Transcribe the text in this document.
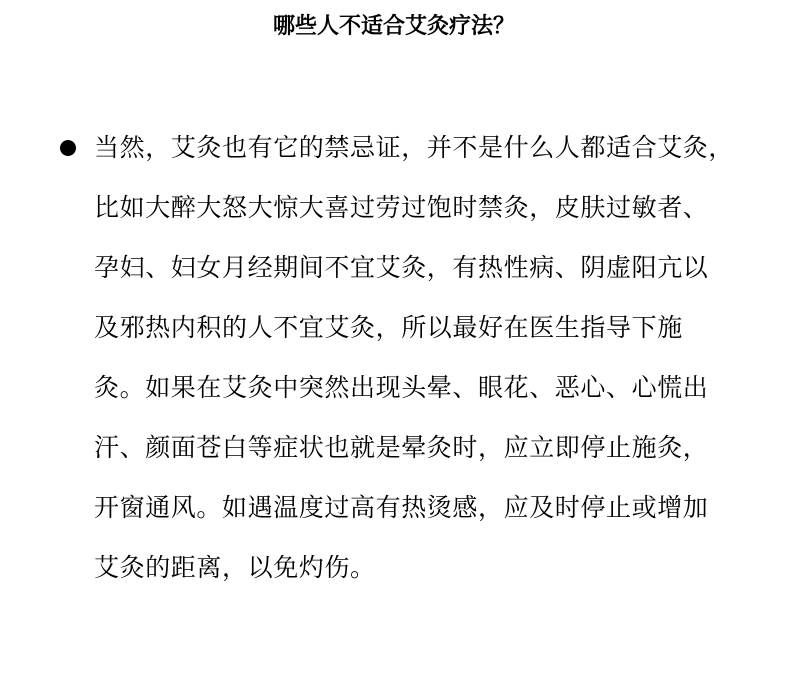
哪些人不适合艾灸疗法？
当然，艾灸也有它的禁忌证，并不是什么人都适合艾灸，
比如大醉大怒大惊大喜过劳过饱时禁灸，皮肤过敏者、
孕妇、妇女月经期间不宜艾灸，有热性病、阴虚阳亢以
及邪热内积的人不宜艾灸，所以最好在医生指导下施
灸。如果在艾灸中突然出现头晕、眼花、恶心、心慌出
汗、颜面苍白等症状也就是晕灸时，应立即停止施灸，
开窗通风。如遇温度过高有热烫感，应及时停止或增加
艾灸的距离，以免灼伤。
